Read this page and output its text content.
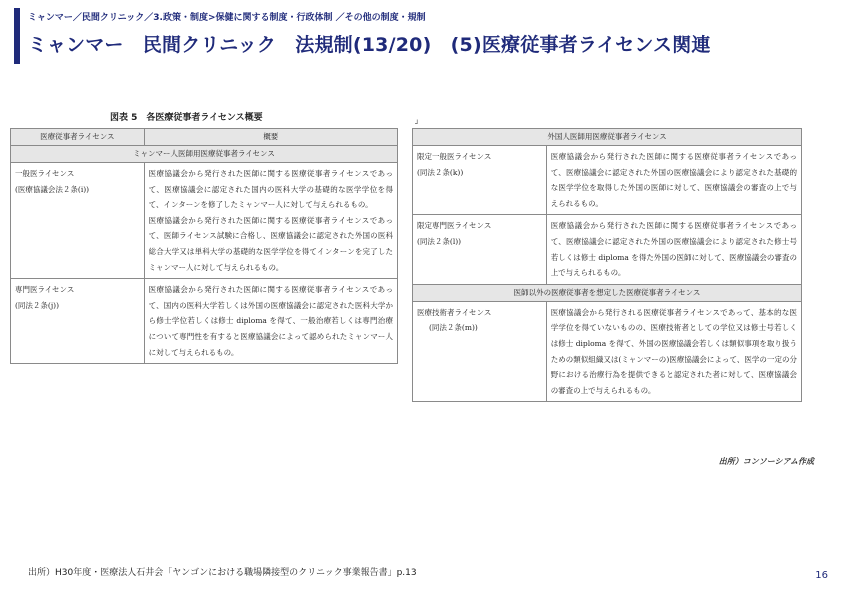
ミャンマー／民間クリニック／3.政策・制度>保健に関する制度・行政体制 ／その他の制度・規制
ミャンマー　民間クリニック　法規制(13/20)　(5)医療従事者ライセンス関連
図表 5　各医療従事者ライセンス概要
医療従事者ライセンス	概要
ミャンマー人医師用医療従事者ライセンス	

一般医ライセンス
(医療協議会法２条(i))	医療協議会から発行された医師に関する医療従事者ライセンスであって、医療協議会に認定された国内の医科大学の基礎的な医学学位を得て、インターンを修了したミャンマー人に対して与えられるもの。
医療協議会から発行された医師に関する医療従事者ライセンスであって、医師ライセンス試験に合格し、医療協議会に認定された外国の医科総合大学又は単科大学の基礎的な医学学位を得てインターンを完了したミャンマー人に対して与えられるもの。

専門医ライセンス
(同法２条(j))	医療協議会から発行された医師に関する医療従事者ライセンスであって、国内の医科大学若しくは外国の医療協議会に認定された医科大学から修士学位若しくは修士 diploma を得て、一般治療若しくは専門治療について専門性を有すると医療協議会によって認められたミャンマー人に対して与えられるもの。
┘
外国人医師用医療従事者ライセンス	

限定一般医ライセンス
(同法２条(k))	医療協議会から発行された医師に関する医療従事者ライセンスであって、医療協議会に認定された外国の医療協議会により認定された基礎的な医学学位を取得した外国の医師に対して、医療協議会の審査の上で与えられるもの。

限定専門医ライセンス
(同法２条(l))	医療協議会から発行された医師に関する医療従事者ライセンスであって、医療協議会に認定された外国の医療協議会により認定された修士号若しくは修士 diploma を得た外国の医師に対して、医療協議会の審査の上で与えられるもの。

医師以外の医療従事者を想定した医療従事者ライセンス	

医療技術者ライセンス
(同法２条(m))	医療協議会から発行される医療従事者ライセンスであって、基本的な医学学位を得ていないものの、医療技術者としての学位又は修士号若しくは修士 diploma を得て、外国の医療協議会若しくは類似事項を取り扱うための類似組織又は(ミャンマーの)医療協議会によって、医学の一定の分野における治療行為を提供できると認定された者に対して、医療協議会の審査の上で与えられるもの。
出所）コンソーシアム作成
出所）H30年度・医療法人石井会「ヤンゴンにおける職場隣接型のクリニック事業報告書」p.13	16
